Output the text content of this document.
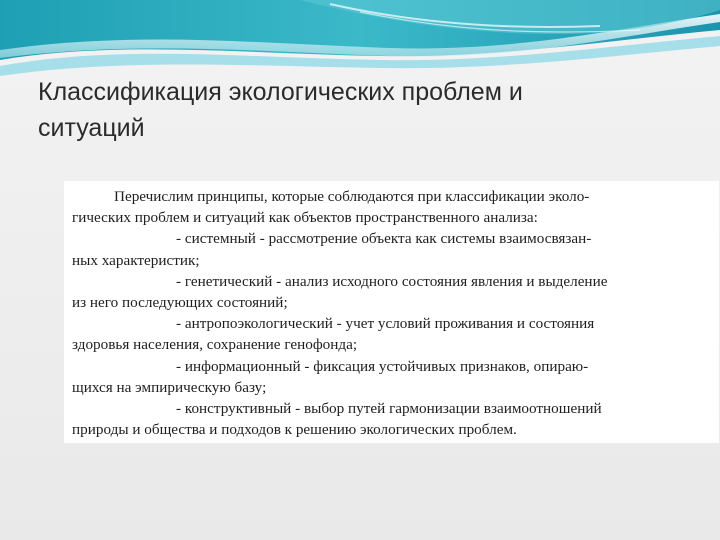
Классификация экологических проблем и
ситуаций
Перечислим принципы, которые соблюдаются при классификации эколо-
гических проблем и ситуаций как объектов пространственного анализа:
- системный - рассмотрение объекта как системы взаимосвязан-
ных характеристик;
- генетический - анализ исходного состояния явления и выделение
из него последующих состояний;
- антропоэкологический - учет условий проживания и состояния
здоровья населения, сохранение генофонда;
- информационный - фиксация устойчивых признаков, опираю-
щихся на эмпирическую базу;
- конструктивный - выбор путей гармонизации взаимоотношений
природы и общества и подходов к решению экологических проблем.
